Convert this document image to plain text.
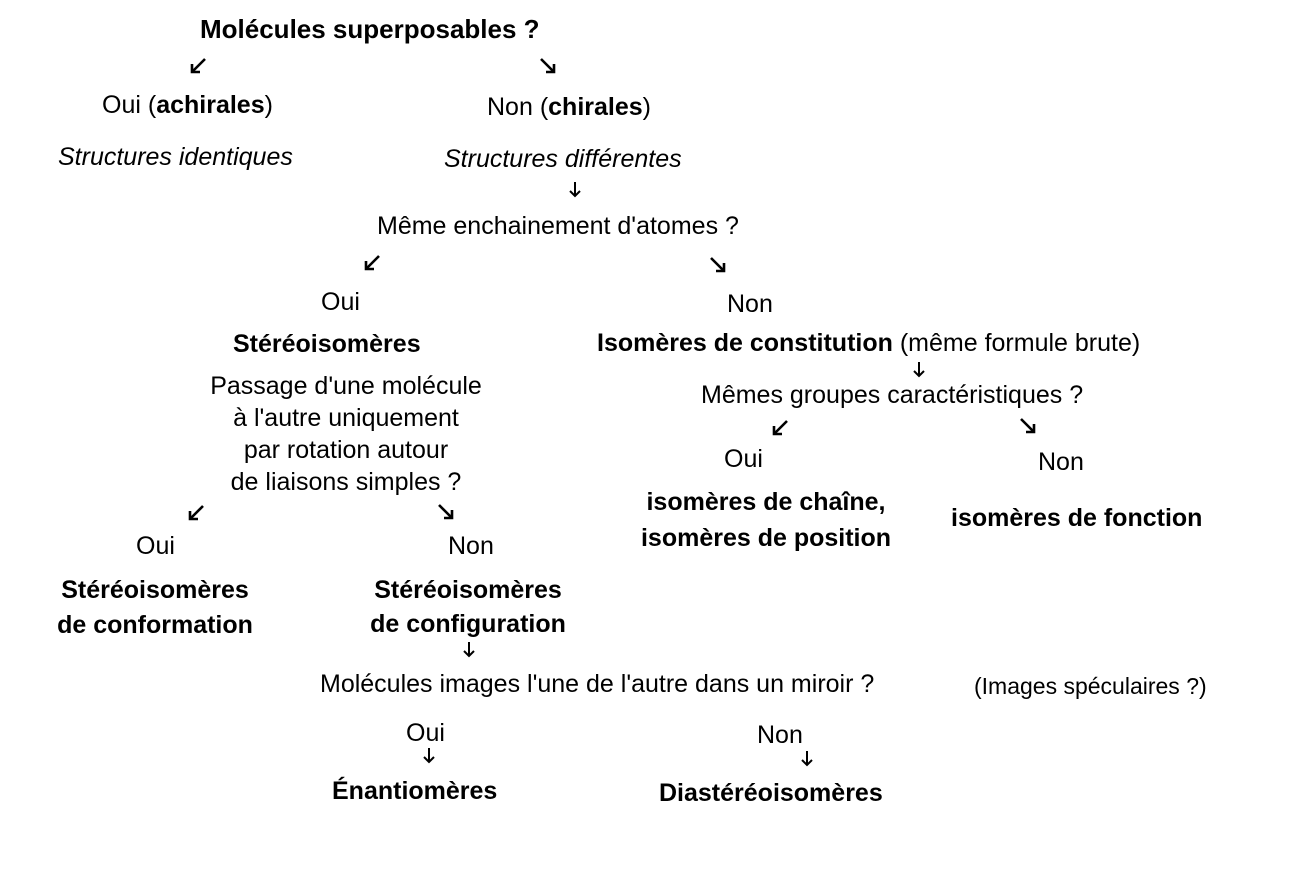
Molécules superposables ?
Oui (achirales)
Structures identiques
Non (chirales)
Structures différentes
Même enchainement d'atomes ?
Oui
Stéréoisomères
Passage d'une molécule
à l'autre uniquement
par rotation autour
de liaisons simples ?
Oui
Stéréoisomères
de conformation
Non
Stéréoisomères
de configuration
Molécules images l'une de l'autre dans un miroir ?	(Images spéculaires ?)
Oui
Énantiomères
Non
Diastéréoisomères
Non
Isomères de constitution (même formule brute)
Mêmes groupes caractéristiques ?
Oui
isomères de chaîne,
isomères de position
Non
isomères de fonction
